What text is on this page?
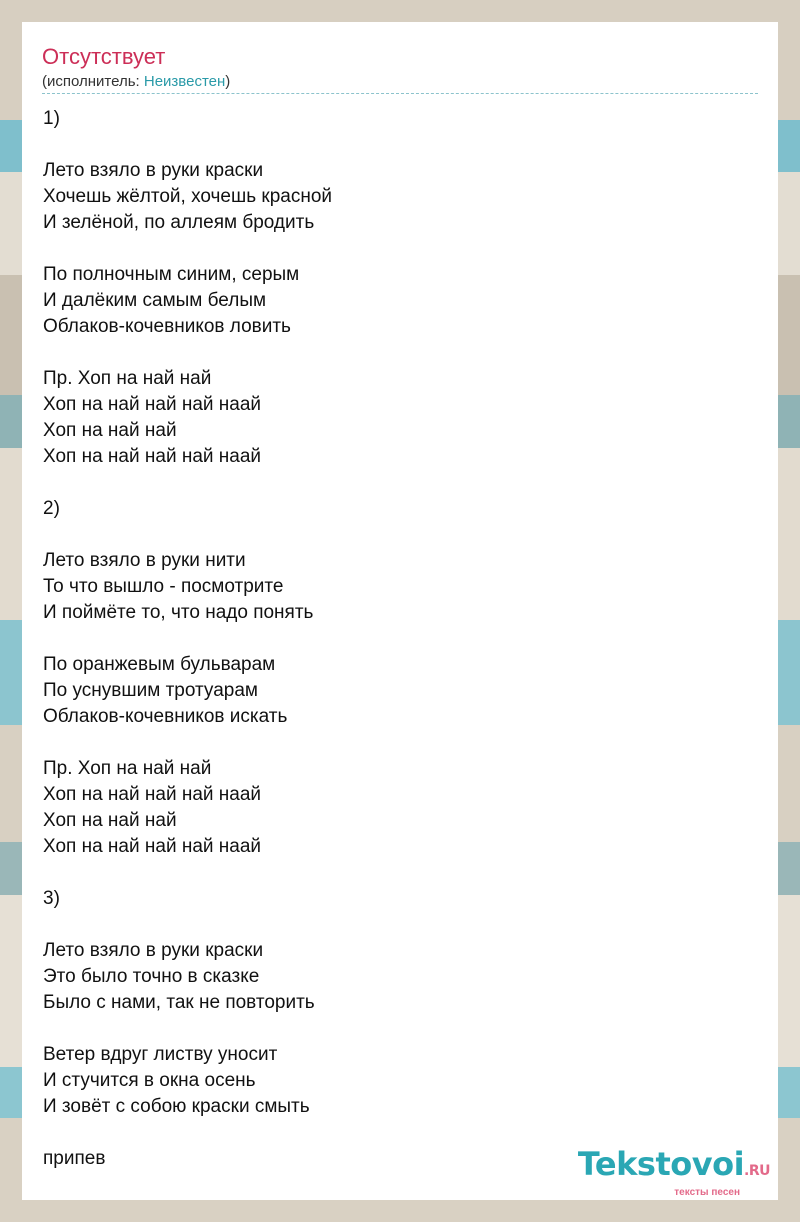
Отсутствует
(исполнитель: Неизвестен)
1)
Лето взяло в руки краски
Хочешь жёлтой, хочешь красной
И зелёной, по аллеям бродить
По полночным синим, серым
И далёким самым белым
Облаков-кочевников ловить
Пр. Хоп на най най
Хоп на най най най наай
Хоп на най най
Хоп на най най най наай
2)
Лето взяло в руки нити
То что вышло - посмотрите
И поймёте то, что надо понять
По оранжевым бульварам
По уснувшим тротуарам
Облаков-кочевников искать
Пр. Хоп на най най
Хоп на най най най наай
Хоп на най най
Хоп на най най най наай
3)
Лето взяло в руки краски
Это было точно в сказке
Было с нами, так не повторить
Ветер вдруг листву уносит
И стучится в окна осень
И зовёт с собою краски смыть
припев	Tekstovoi.RU
тексты песен
